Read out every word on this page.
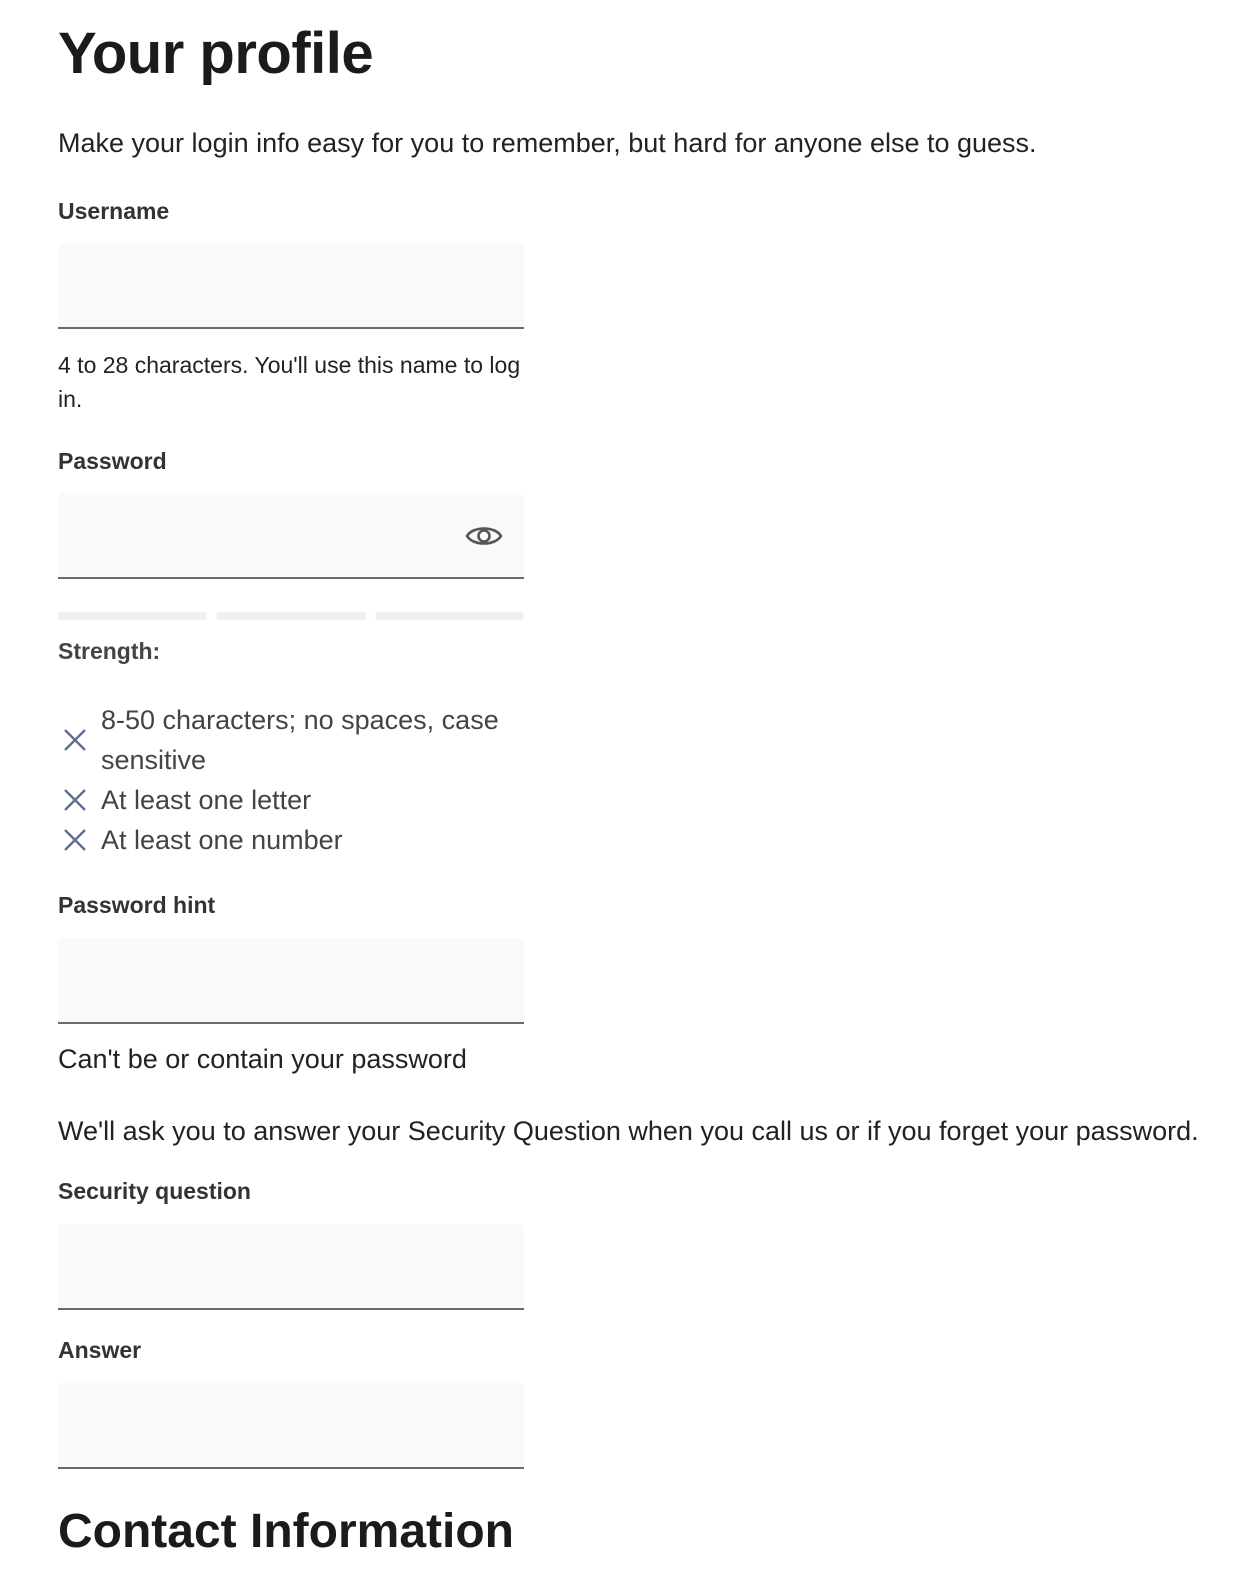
Your profile

Make your login info easy for you to remember, but hard for anyone else to guess.

Username

4 to 28 characters. You'll use this name to log in.

Password

Strength:

8-50 characters; no spaces, case sensitive
At least one letter
At least one number
Password hint

Can't be or contain your password

We'll ask you to answer your Security Question when you call us or if you forget your password.

Security question
Answer
Contact Information
